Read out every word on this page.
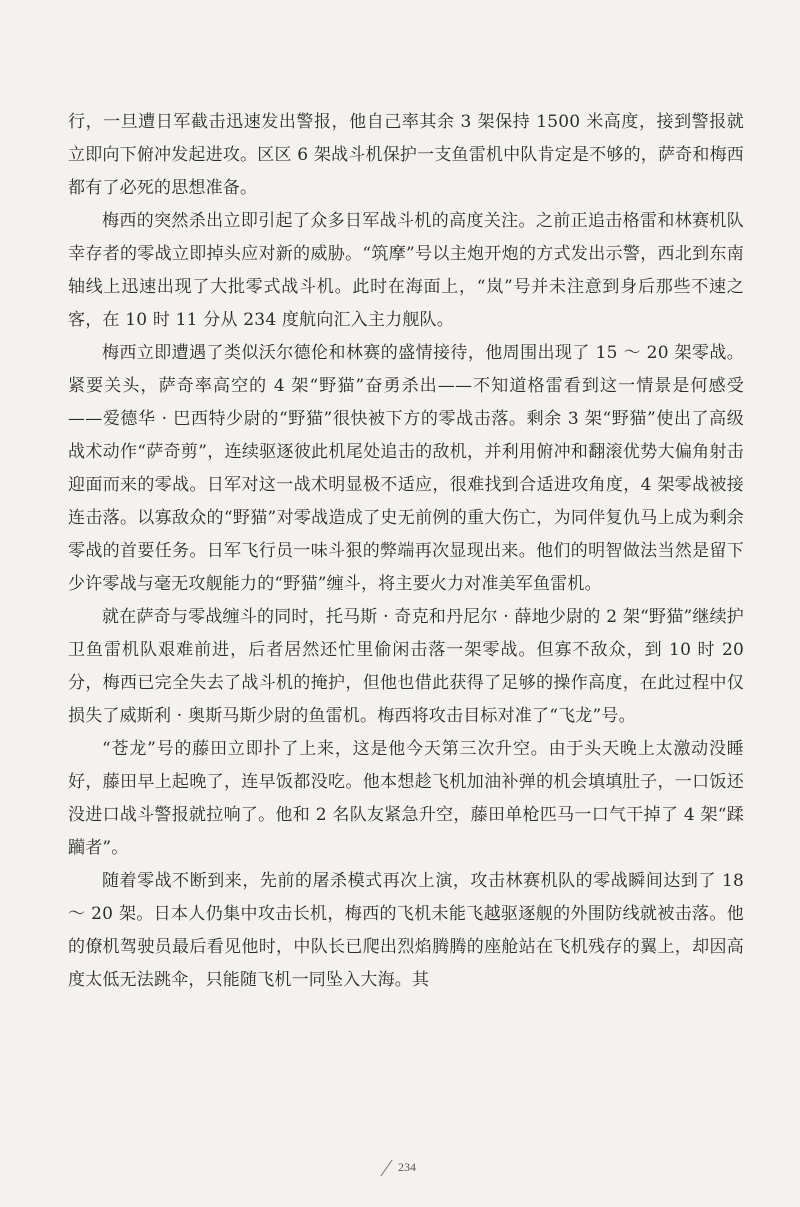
行，一旦遭日军截击迅速发出警报，他自己率其余 3 架保持 1500 米高度，接到警报就立即向下俯冲发起进攻。区区 6 架战斗机保护一支鱼雷机中队肯定是不够的，萨奇和梅西都有了必死的思想准备。

梅西的突然杀出立即引起了众多日军战斗机的高度关注。之前正追击格雷和林赛机队幸存者的零战立即掉头应对新的威胁。“筑摩”号以主炮开炮的方式发出示警，西北到东南轴线上迅速出现了大批零式战斗机。此时在海面上，“岚”号并未注意到身后那些不速之客，在 10 时 11 分从 234 度航向汇入主力舰队。

梅西立即遭遇了类似沃尔德伦和林赛的盛情接待，他周围出现了 15 ～ 20 架零战。紧要关头，萨奇率高空的 4 架“野猫”奋勇杀出——不知道格雷看到这一情景是何感受——爱德华 · 巴西特少尉的“野猫”很快被下方的零战击落。剩余 3 架“野猫”使出了高级战术动作“萨奇剪”，连续驱逐彼此机尾处追击的敌机，并利用俯冲和翻滚优势大偏角射击迎面而来的零战。日军对这一战术明显极不适应，很难找到合适进攻角度，4 架零战被接连击落。以寡敌众的“野猫”对零战造成了史无前例的重大伤亡，为同伴复仇马上成为剩余零战的首要任务。日军飞行员一味斗狠的弊端再次显现出来。他们的明智做法当然是留下少许零战与毫无攻舰能力的“野猫”缠斗，将主要火力对准美军鱼雷机。

就在萨奇与零战缠斗的同时，托马斯 · 奇克和丹尼尔 · 薛地少尉的 2 架“野猫”继续护卫鱼雷机队艰难前进，后者居然还忙里偷闲击落一架零战。但寡不敌众，到 10 时 20 分，梅西已完全失去了战斗机的掩护，但他也借此获得了足够的操作高度，在此过程中仅损失了威斯利 · 奥斯马斯少尉的鱼雷机。梅西将攻击目标对准了“飞龙”号。

“苍龙”号的藤田立即扑了上来，这是他今天第三次升空。由于头天晚上太激动没睡好，藤田早上起晚了，连早饭都没吃。他本想趁飞机加油补弹的机会填填肚子，一口饭还没进口战斗警报就拉响了。他和 2 名队友紧急升空，藤田单枪匹马一口气干掉了 4 架“蹂躏者”。

随着零战不断到来，先前的屠杀模式再次上演，攻击林赛机队的零战瞬间达到了 18 ～ 20 架。日本人仍集中攻击长机，梅西的飞机未能飞越驱逐舰的外围防线就被击落。他的僚机驾驶员最后看见他时，中队长已爬出烈焰腾腾的座舱站在飞机残存的翼上，却因高度太低无法跳伞，只能随飞机一同坠入大海。其

234
